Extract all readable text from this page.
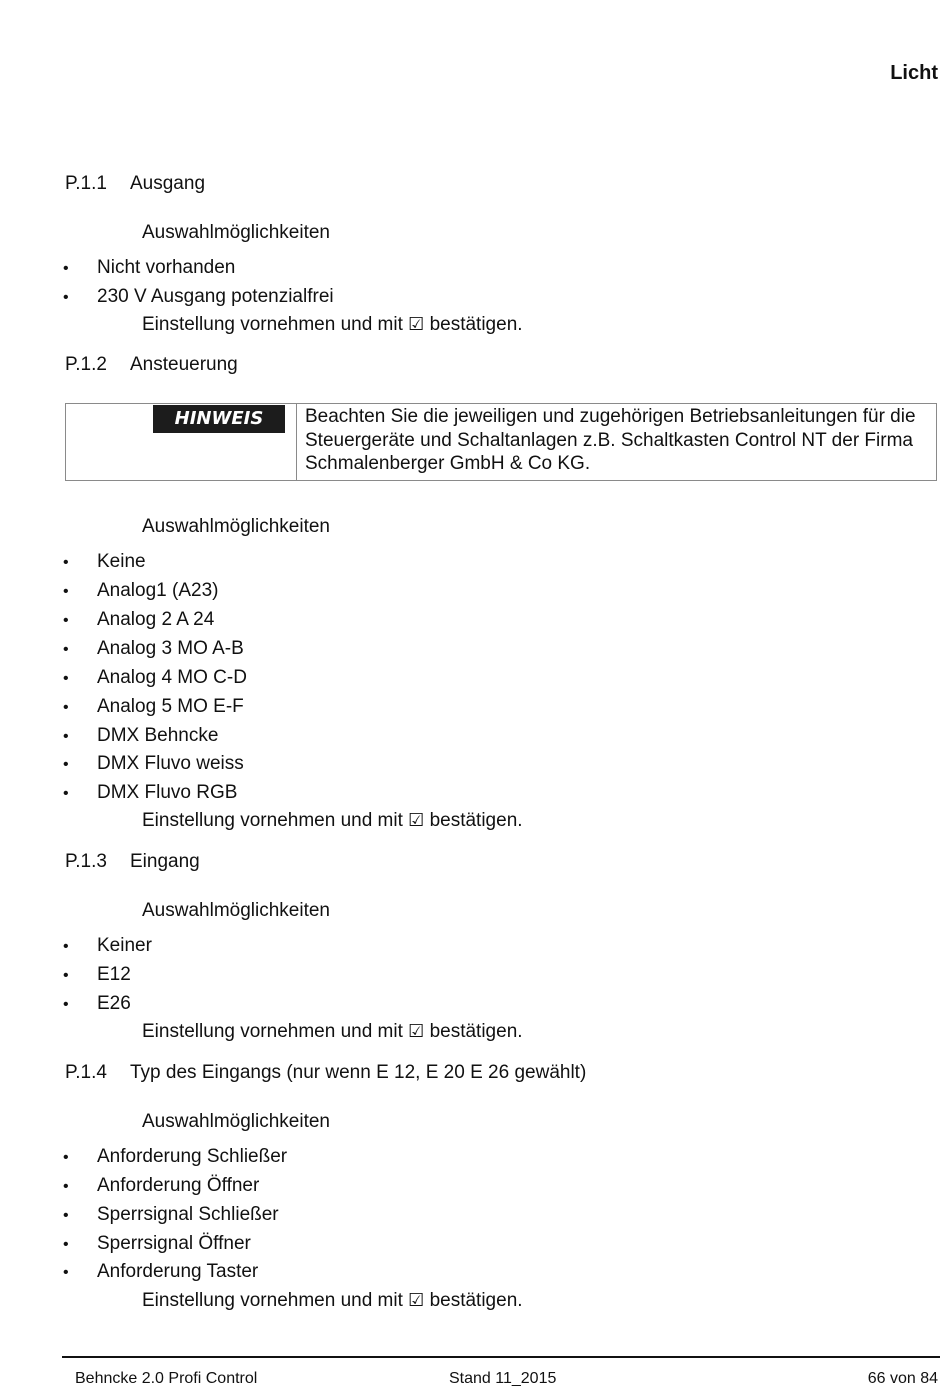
Licht
P.1.1 Ausgang
Auswahlmöglichkeiten
• Nicht vorhanden
• 230 V Ausgang potenzialfrei
Einstellung vornehmen und mit ☑ bestätigen.
P.1.2 Ansteuerung
HINWEIS	Beachten Sie die jeweiligen und zugehörigen Betriebsanleitungen für die Steuergeräte und Schaltanlagen z.B. Schaltkasten Control NT der Firma Schmalenberger GmbH & Co KG.
Auswahlmöglichkeiten
• Keine
• Analog1 (A23)
• Analog 2 A 24
• Analog 3 MO A-B
• Analog 4 MO C-D
• Analog 5 MO E-F
• DMX Behncke
• DMX Fluvo weiss
• DMX Fluvo RGB
Einstellung vornehmen und mit ☑ bestätigen.
P.1.3 Eingang
Auswahlmöglichkeiten
• Keiner
• E12
• E26
Einstellung vornehmen und mit ☑ bestätigen.
P.1.4 Typ des Eingangs (nur wenn E 12, E 20 E 26 gewählt)
Auswahlmöglichkeiten
• Anforderung Schließer
• Anforderung Öffner
• Sperrsignal Schließer
• Sperrsignal Öffner
• Anforderung Taster
Einstellung vornehmen und mit ☑ bestätigen.
Behncke 2.0 Profi Control	Stand 11_2015	66 von 84
